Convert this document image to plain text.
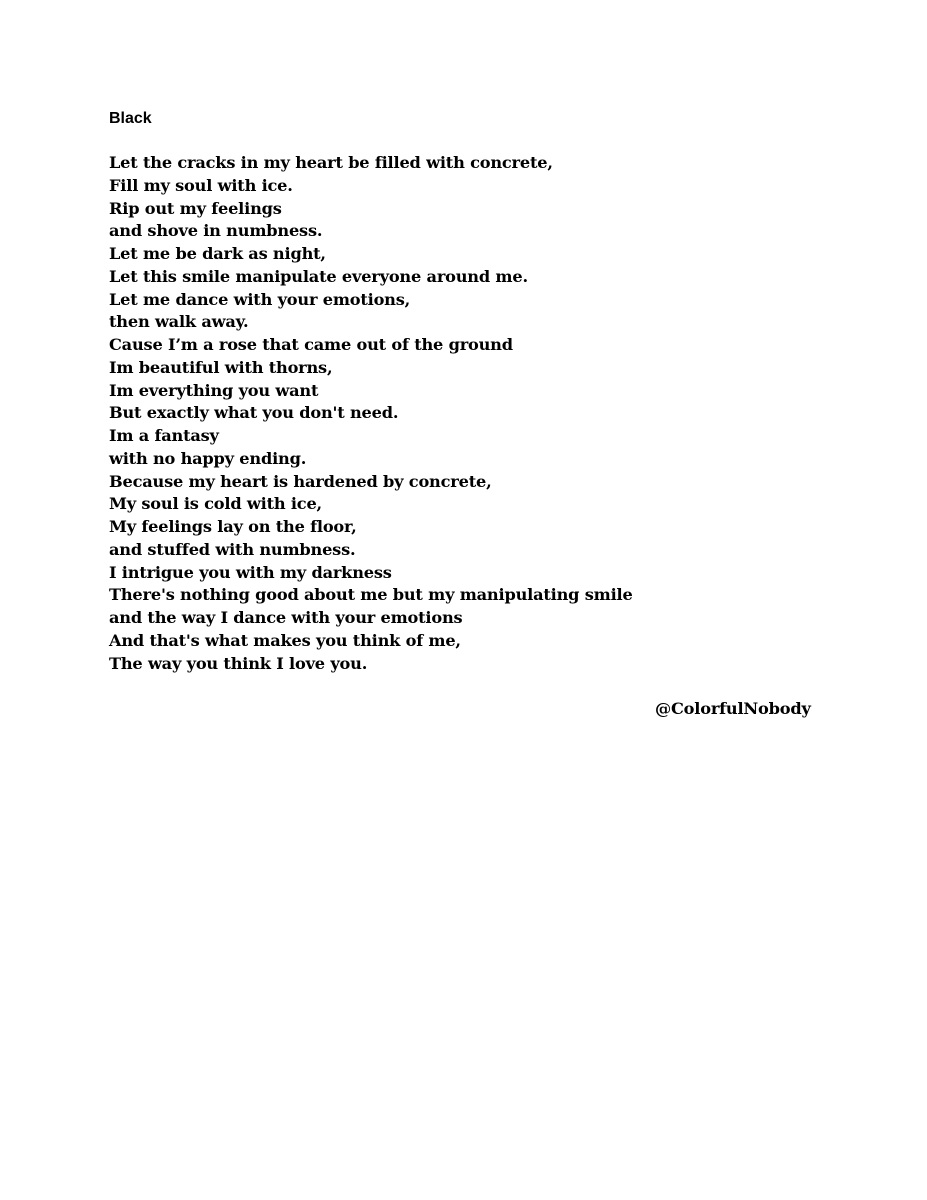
Black
Let the cracks in my heart be filled with concrete,
Fill my soul with ice.
Rip out my feelings
and shove in numbness.
Let me be dark as night,
Let this smile manipulate everyone around me.
Let me dance with your emotions,
then walk away.
Cause I’m a rose that came out of the ground
Im beautiful with thorns,
Im everything you want
But exactly what you don't need.
Im a fantasy
with no happy ending.
Because my heart is hardened by concrete,
My soul is cold with ice,
My feelings lay on the floor,
and stuffed with numbness.
I intrigue you with my darkness
There's nothing good about me but my manipulating smile
and the way I dance with your emotions
And that's what makes you think of me,
The way you think I love you.

@ColorfulNobody
